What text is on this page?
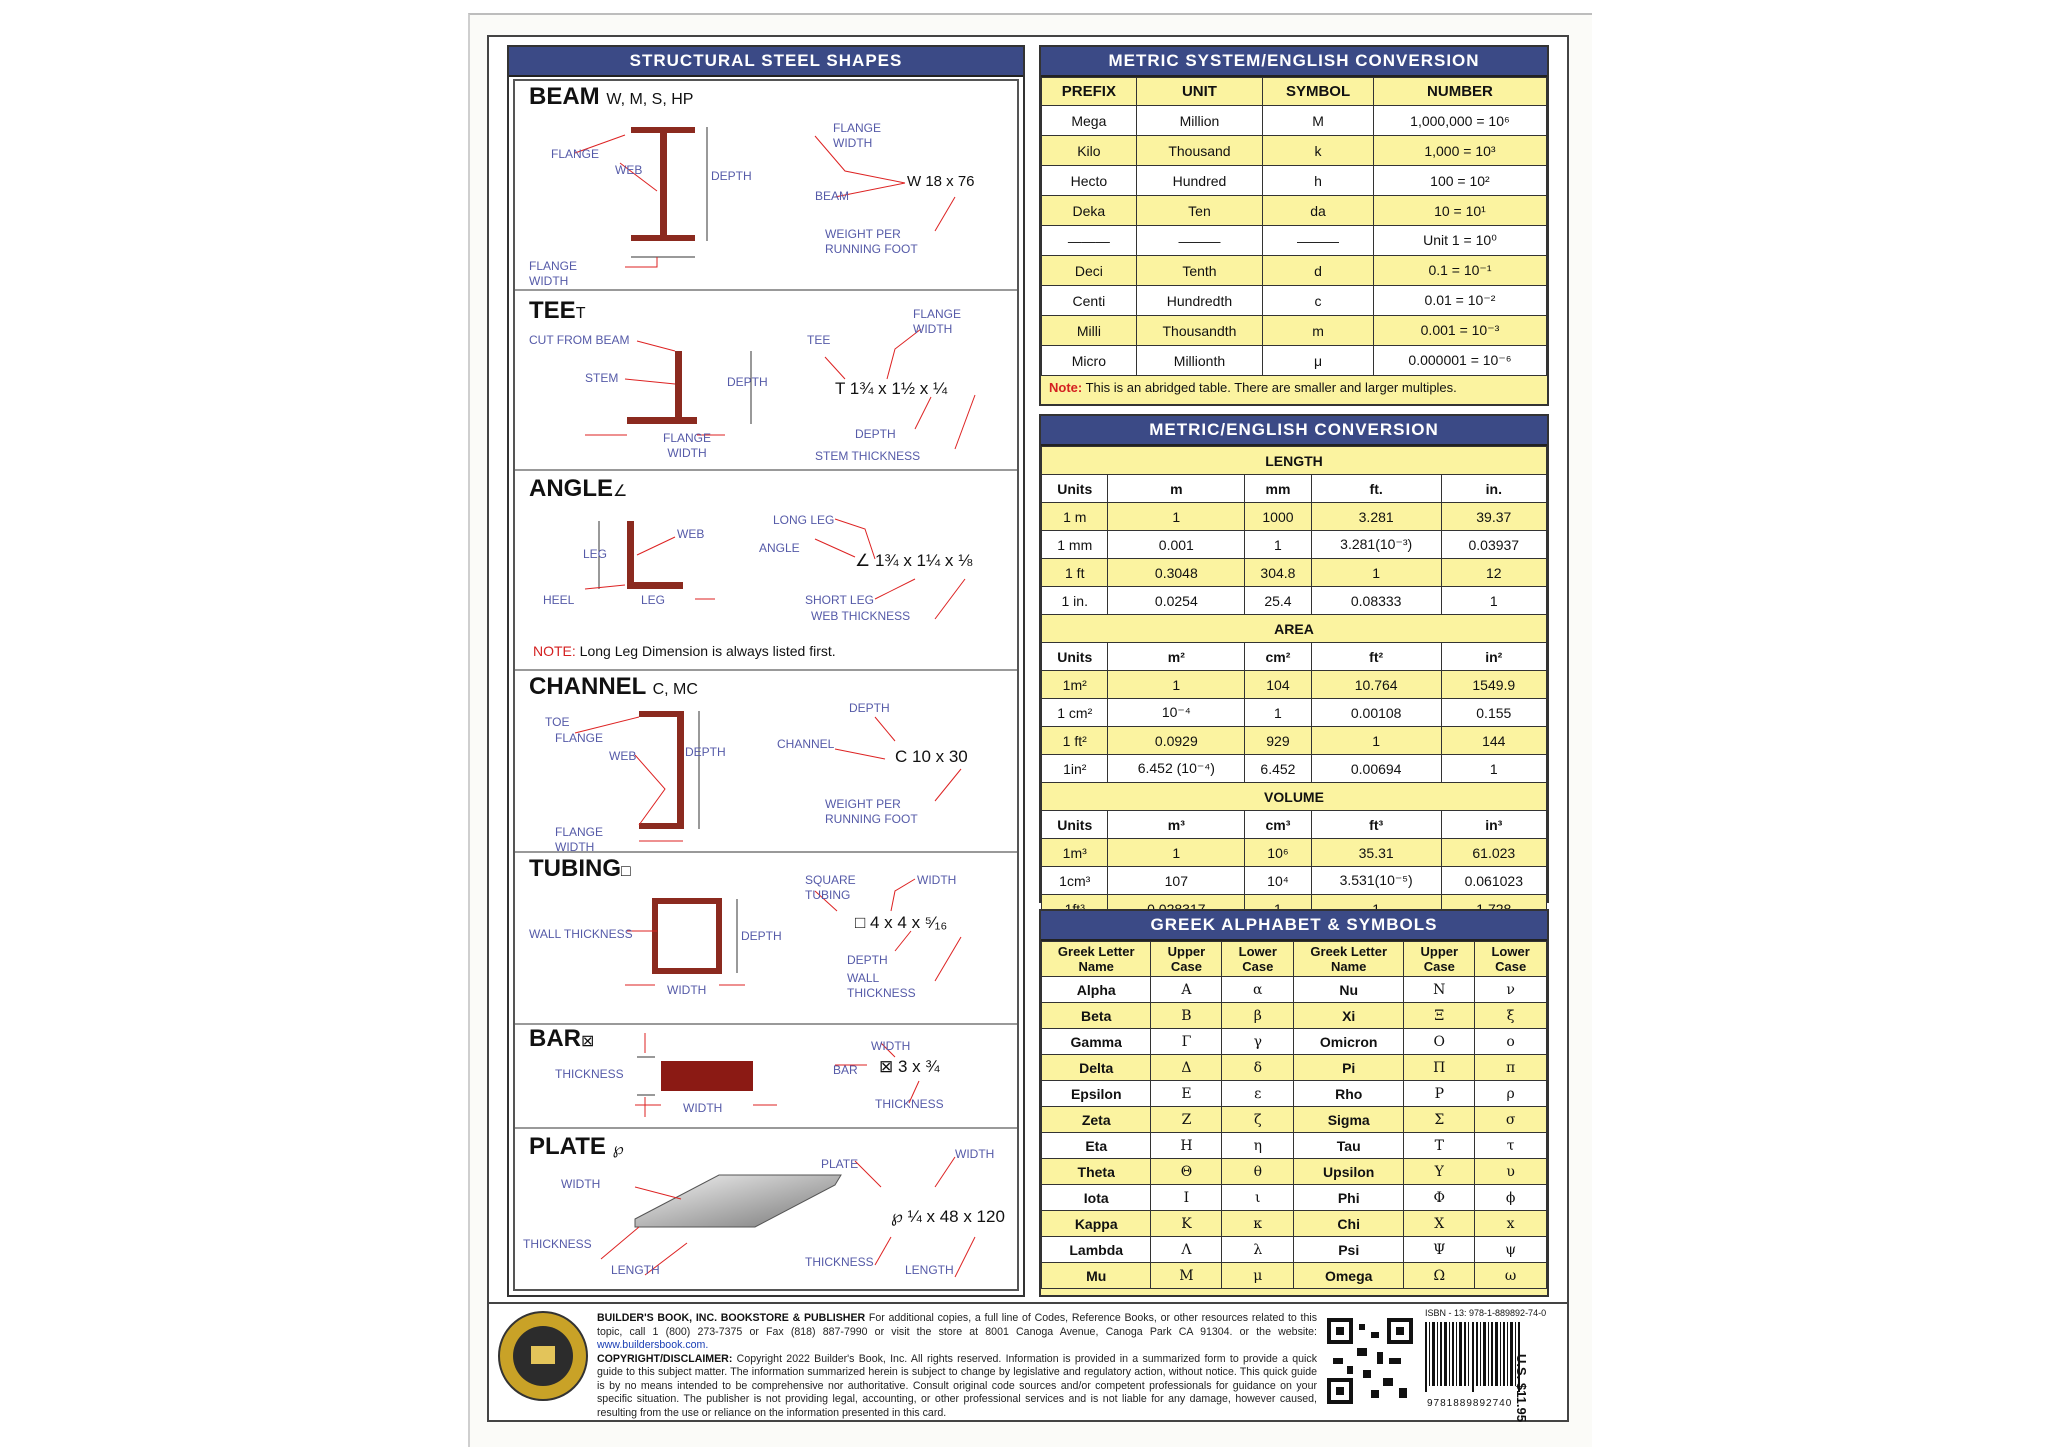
STRUCTURAL STEEL SHAPES
BEAM W, M, S, HP
FLANGE
WEB
FLANGE WIDTH
DEPTH
FLANGE WIDTH
BEAM
WEIGHT PER RUNNING FOOT
W 18 x 76
TEET
CUT FROM BEAM
STEM
FLANGE WIDTH
DEPTH
TEE
FLANGE WIDTH
DEPTH
STEM THICKNESS
T 1¾ x 1½ x ¼
ANGLE∠
LEG
WEB
HEEL	LEG
LONG LEG
ANGLE
SHORT LEG
WEB THICKNESS
∠ 1¾ x 1¼ x ⅛
NOTE: Long Leg Dimension is always listed first.
CHANNEL C, MC
TOE
FLANGE
WEB	DEPTH
FLANGE WIDTH
DEPTH
CHANNEL
WEIGHT PER RUNNING FOOT
C 10 x 30
TUBING□
WALL THICKNESS	DEPTH
WIDTH
SQUARE TUBING
WIDTH
DEPTH
WALL THICKNESS
□ 4 x 4 x ⁵⁄₁₆
BAR⊠
THICKNESS
WIDTH
WIDTH
BAR
THICKNESS
⊠ 3 x ¾
PLATE ℘
WIDTH
THICKNESS
LENGTH
PLATE
WIDTH
THICKNESS
LENGTH
℘ ¼ x 48 x 120
METRIC SYSTEM/ENGLISH CONVERSION
PREFIX	UNIT	SYMBOL	NUMBER
Mega	Million	M	1,000,000 = 10⁶
Kilo	Thousand	k	1,000 = 10³
Hecto	Hundred	h	100 = 10²
Deka	Ten	da	10 = 10¹
———	———	———	Unit 1 = 10⁰
Deci	Tenth	d	0.1 = 10⁻¹
Centi	Hundredth	c	0.01 = 10⁻²
Milli	Thousandth	m	0.001 = 10⁻³
Micro	Millionth	μ	0.000001 = 10⁻⁶
Note: This is an abridged table. There are smaller and larger multiples.
METRIC/ENGLISH CONVERSION
LENGTH				
Units	m	mm	ft.	in.
1 m	1	1000	3.281	39.37
1 mm	0.001	1	3.281(10⁻³)	0.03937
1 ft	0.3048	304.8	1	12
1 in.	0.0254	25.4	0.08333	1
AREA				
Units	m²	cm²	ft²	in²
1m²	1	104	10.764	1549.9
1 cm²	10⁻⁴	1	0.00108	0.155
1 ft²	0.0929	929	1	144
1in²	6.452 (10⁻⁴)	6.452	0.00694	1
VOLUME				
Units	m³	cm³	ft³	in³
1m³	1	10⁶	35.31	61.023
1cm³	107	10⁴	3.531(10⁻⁵)	0.061023

GREEK ALPHABET & SYMBOLS
Greek Letter Name	Upper Case	Lower Case	Greek Letter Name	Upper Case	Lower Case
Alpha	Α	α	Nu	Ν	ν
Beta	Β	β	Xi	Ξ	ξ
Gamma	Γ	γ	Omicron	Ο	ο
Delta	Δ	δ	Pi	Π	π
Epsilon	Ε	ε	Rho	Ρ	ρ
Zeta	Ζ	ζ	Sigma	Σ	σ
Eta	Η	η	Tau	Τ	τ
Theta	Θ	θ	Upsilon	Υ	υ
Iota	Ι	ι	Phi	Φ	ϕ
Kappa	Κ	κ	Chi	Χ	x
Lambda	Λ	λ	Psi	Ψ	ψ
Mu	Μ	μ	Omega	Ω	ω
BUILDER'S BOOK, INC. BOOKSTORE & PUBLISHER For additional copies, a full line of Codes, Reference Books, or other resources related to this topic, call 1 (800) 273-7375 or Fax (818) 887-7990 or visit the store at 8001 Canoga Avenue, Canoga Park CA 91304. or the website: www.buildersbook.com.
COPYRIGHT/DISCLAIMER: Copyright 2022 Builder's Book, Inc. All rights reserved. Information is provided in a summarized form to provide a quick guide to this subject matter. The information summarized herein is subject to change by legislative and regulatory action, without notice. This quick guide is by no means intended to be comprehensive nor authoritative. Consult original code sources and/or competent professionals for guidance on your specific situation. The publisher is not providing legal, accounting, or other professional services and is not liable for any damage, however caused, resulting from the use or reliance on the information presented in this card.
ISBN - 13: 978-1-889892-74-0
9781889892740 U.S. $11.95
